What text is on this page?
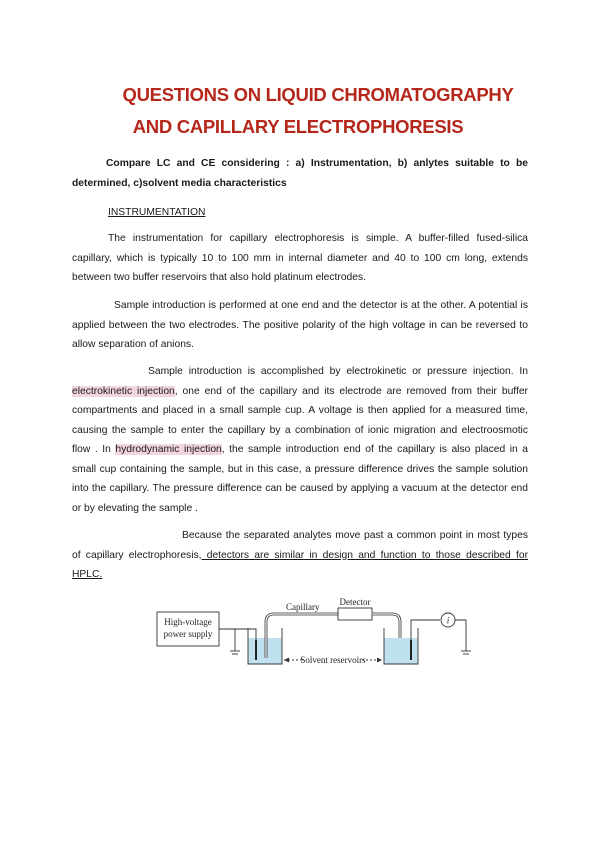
QUESTIONS ON LIQUID CHROMATOGRAPHY
AND CAPILLARY ELECTROPHORESIS

Compare LC and CE considering : a) Instrumentation, b) anlytes suitable to be determined, c)solvent media characteristics

INSTRUMENTATION

The instrumentation for capillary electrophoresis is simple. A buffer-filled fused-silica capillary, which is typically 10 to 100 mm in internal diameter and 40 to 100 cm long, extends between two buffer reservoirs that also hold platinum electrodes.

Sample introduction is performed at one end and the detector is at the other. A potential is applied between the two electrodes. The positive polarity of the high voltage in can be reversed to allow separation of anions.

Sample introduction is accomplished by electrokinetic or pressure injection. In electrokinetic injection, one end of the capillary and its electrode are removed from their buffer compartments and placed in a small sample cup. A voltage is then applied for a measured time, causing the sample to enter the capillary by a combination of ionic migration and electroosmotic flow . In hydrodynamic injection, the sample introduction end of the capillary is also placed in a small cup containing the sample, but in this case, a pressure difference drives the sample solution into the capillary. The pressure difference can be caused by applying a vacuum at the detector end or by elevating the sample .

Because the separated analytes move past a common point in most types of capillary electrophoresis, detectors are similar in design and function to those described for HPLC.

High-voltage
power supply
Capillary Detector
i
Solvent reservoirs
